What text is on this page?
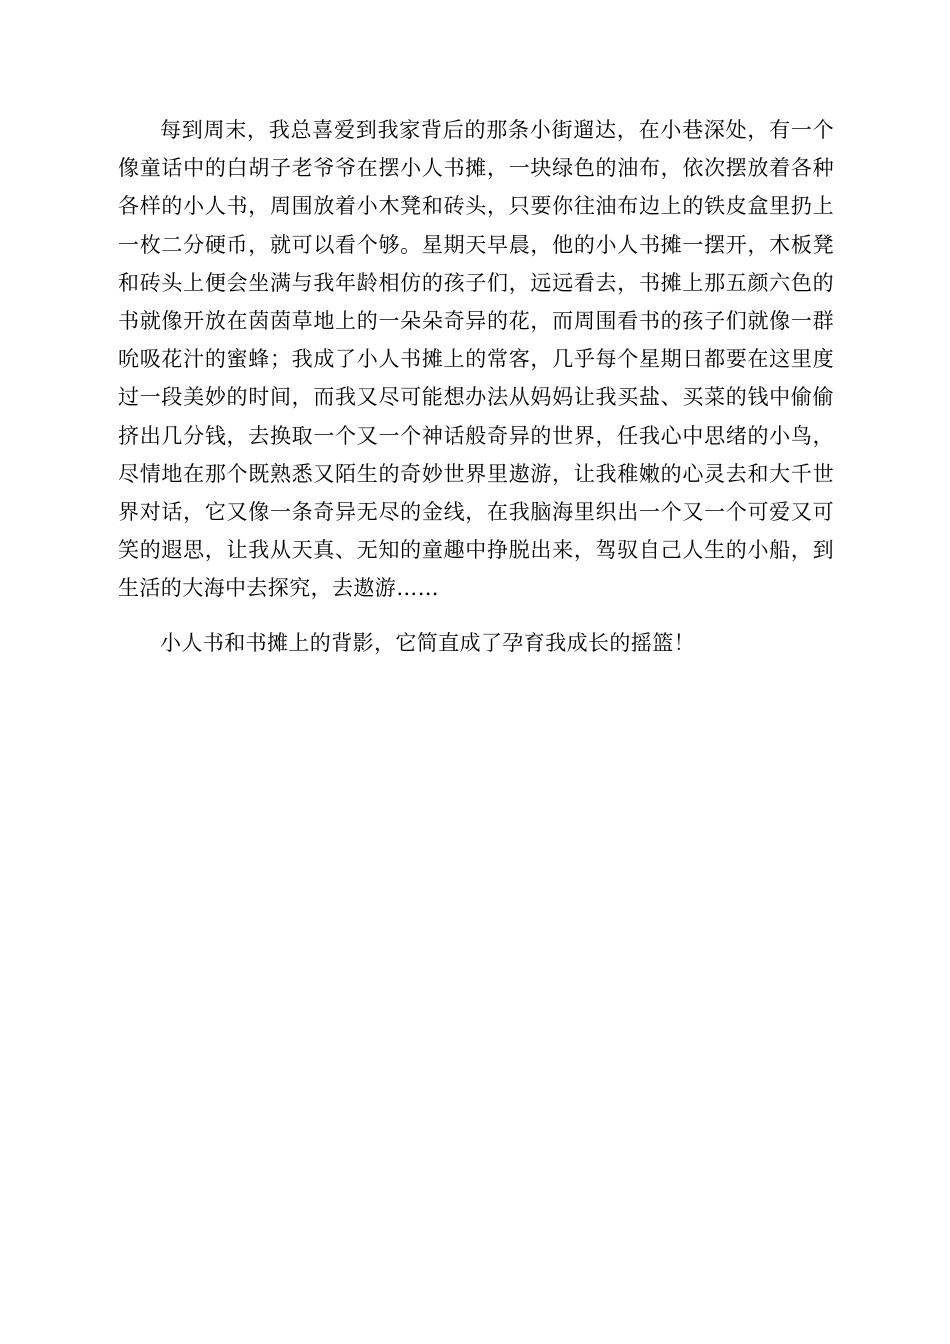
每到周末，我总喜爱到我家背后的那条小街遛达，在小巷深处，有一个像童话中的白胡子老爷爷在摆小人书摊，一块绿色的油布，依次摆放着各种各样的小人书，周围放着小木凳和砖头，只要你往油布边上的铁皮盒里扔上一枚二分硬币，就可以看个够。星期天早晨，他的小人书摊一摆开，木板凳和砖头上便会坐满与我年龄相仿的孩子们，远远看去，书摊上那五颜六色的书就像开放在茵茵草地上的一朵朵奇异的花，而周围看书的孩子们就像一群吮吸花汁的蜜蜂；我成了小人书摊上的常客，几乎每个星期日都要在这里度过一段美妙的时间，而我又尽可能想办法从妈妈让我买盐、买菜的钱中偷偷挤出几分钱，去换取一个又一个神话般奇异的世界，任我心中思绪的小鸟，尽情地在那个既熟悉又陌生的奇妙世界里遨游，让我稚嫩的心灵去和大千世界对话，它又像一条奇异无尽的金线，在我脑海里织出一个又一个可爱又可笑的遐思，让我从天真、无知的童趣中挣脱出来，驾驭自己人生的小船，到生活的大海中去探究，去遨游……

小人书和书摊上的背影，它简直成了孕育我成长的摇篮！
